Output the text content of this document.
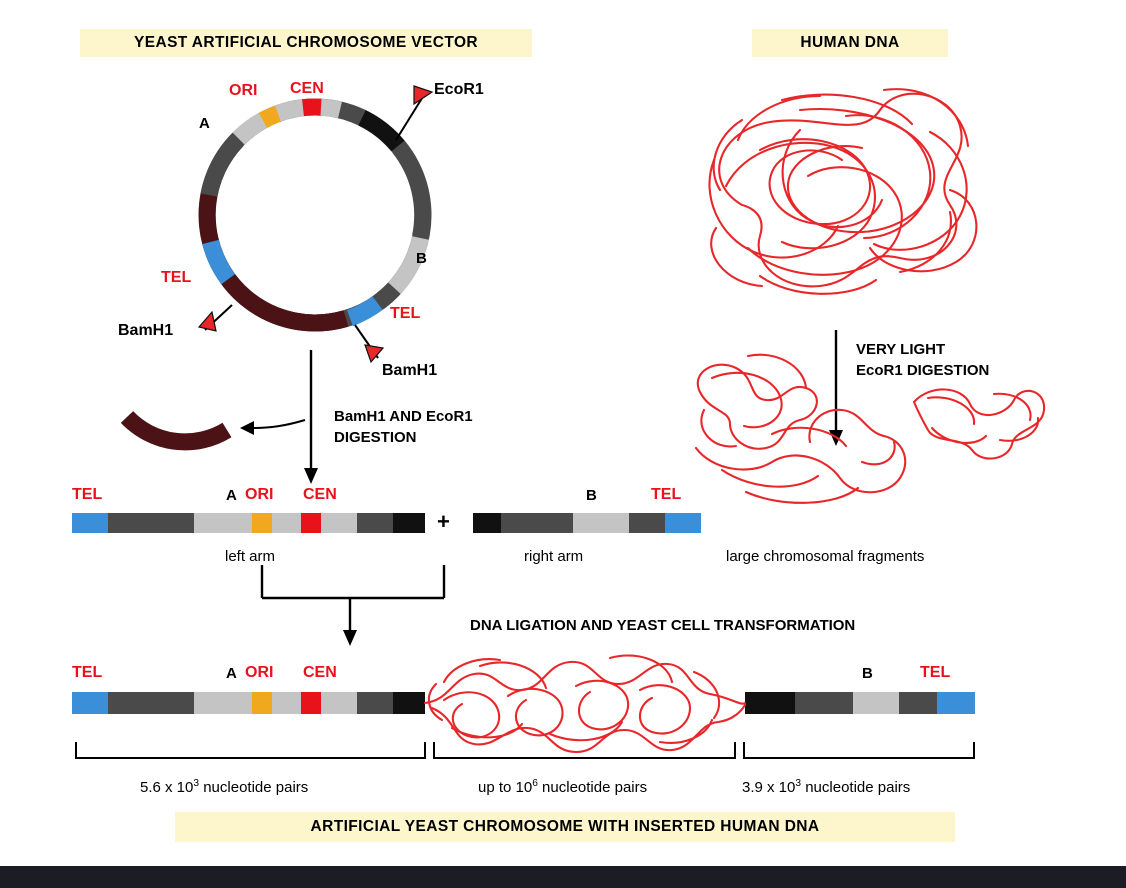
YEAST ARTIFICIAL CHROMOSOME VECTOR	HUMAN DNA
ARTIFICIAL YEAST CHROMOSOME WITH INSERTED HUMAN DNA
ORI CEN
A
B
TEL
TEL
EcoR1
BamH1
BamH1
BamH1 AND EcoR1
DIGESTION
VERY LIGHT
EcoR1 DIGESTION
TEL	A ORI CEN
left arm
+
B	TEL
right arm	large chromosomal fragments
DNA LIGATION AND YEAST CELL TRANSFORMATION
TEL	A ORI CEN	B	TEL
5.6 x $10^3$ nucleotide pairs	up to $10^6$ nucleotide pairs	3.9 x $10^3$ nucleotide pairs
